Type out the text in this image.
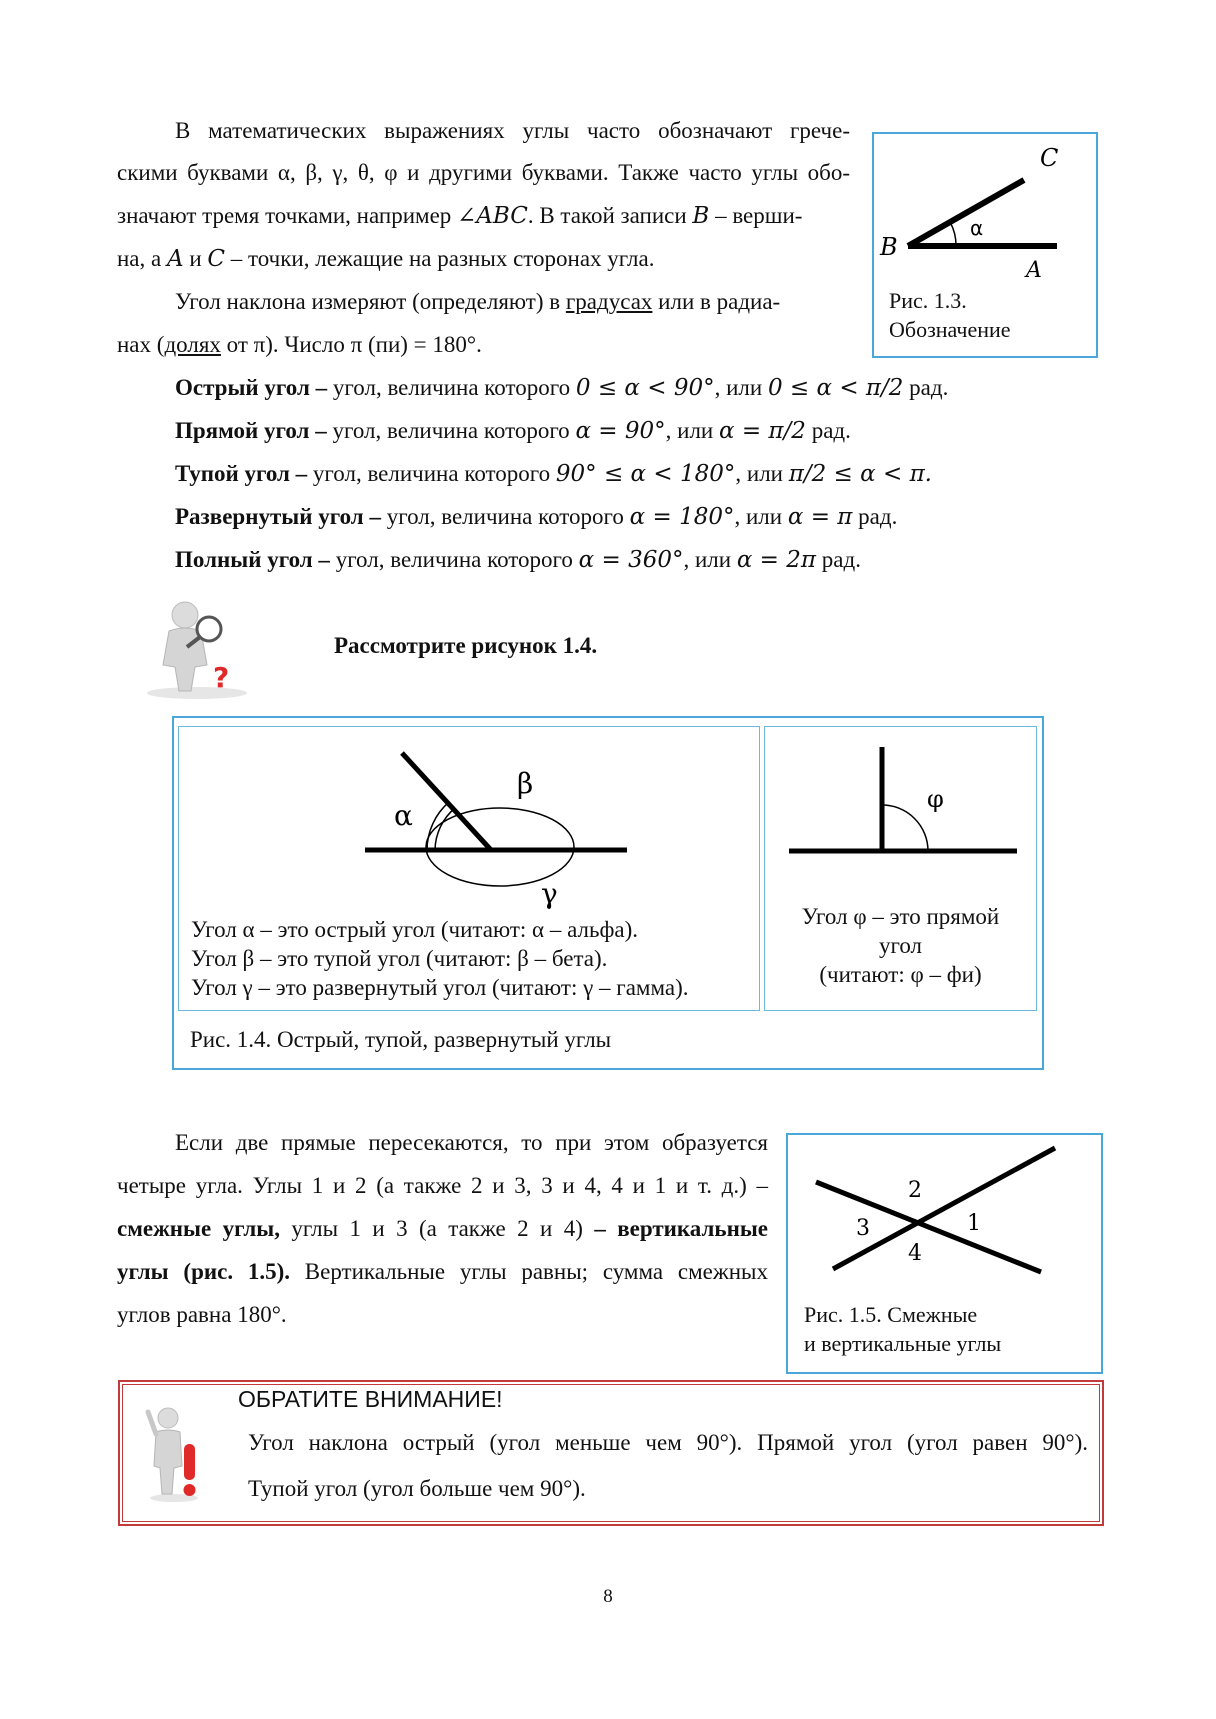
В математических выражениях углы часто обозначают грече-
скими буквами α, β, γ, θ, φ и другими буквами. Также часто углы обо-
значают тремя точками, например ∠ABC. В такой записи B – верши-
на, а A и C – точки, лежащие на разных сторонах угла.
Угол наклона измеряют (определяют) в градусах или в радиа-
нах (долях от π). Число π (пи) = 180°.
B
A
C
α
Рис. 1.3.
Обозначение
Острый угол – угол, величина которого 0 ≤ α < 90°, или 0 ≤ α < π/2 рад.
Прямой угол – угол, величина которого α = 90°, или α = π/2 рад.
Тупой угол – угол, величина которого 90° ≤ α < 180°, или π/2 ≤ α < π.
Развернутый угол – угол, величина которого α = 180°, или α = π рад.
Полный угол – угол, величина которого α = 360°, или α = 2π рад.
?
Рассмотрите рисунок 1.4.
α
β
γ
Угол α – это острый угол (читают: α – альфа).
Угол β – это тупой угол (читают: β – бета).
Угол γ – это развернутый угол (читают: γ – гамма).
φ
Угол φ – это прямой
угол
(читают: φ – фи)
Рис. 1.4. Острый, тупой, развернутый углы
Если две прямые пересекаются, то при этом образуется
четыре угла. Углы 1 и 2 (а также 2 и 3, 3 и 4, 4 и 1 и т. д.) –
смежные углы, углы 1 и 3 (а также 2 и 4) – вертикальные
углы (рис. 1.5). Вертикальные углы равны; сумма смежных
углов равна 180°.
2
1
3
4
Рис. 1.5. Смежные
и вертикальные углы
ОБРАТИТЕ ВНИМАНИЕ!
Угол наклона острый (угол меньше чем 90°). Прямой угол (угол равен 90°).
Тупой угол (угол больше чем 90°).
8
